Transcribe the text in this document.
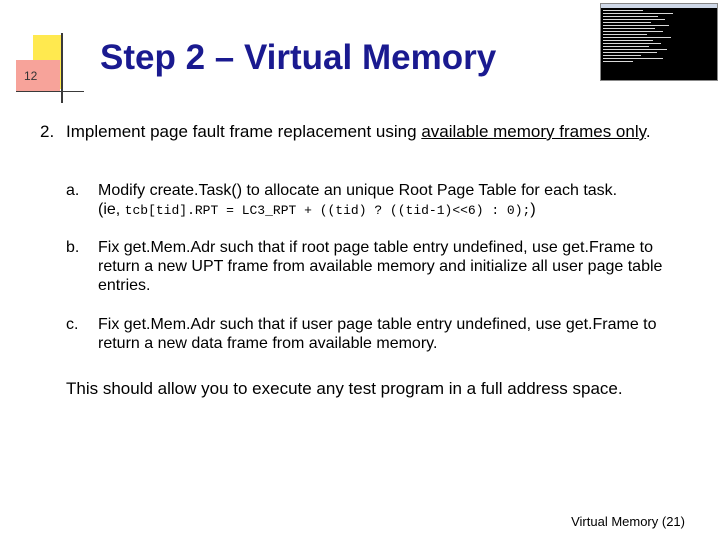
12 Step 2 – Virtual Memory
2. Implement page fault frame replacement using available memory frames only.
a. Modify create.Task() to allocate an unique Root Page Table for each task.
(ie, tcb[tid].RPT = LC3_RPT + ((tid) ? ((tid-1)<<6) : 0);)
b. Fix get.Mem.Adr such that if root page table entry undefined, use get.Frame to return a new UPT frame from available memory and initialize all user page table entries.
c. Fix get.Mem.Adr such that if user page table entry undefined, use get.Frame to return a new data frame from available memory.
This should allow you to execute any test program in a full address space.
Virtual Memory (21)
